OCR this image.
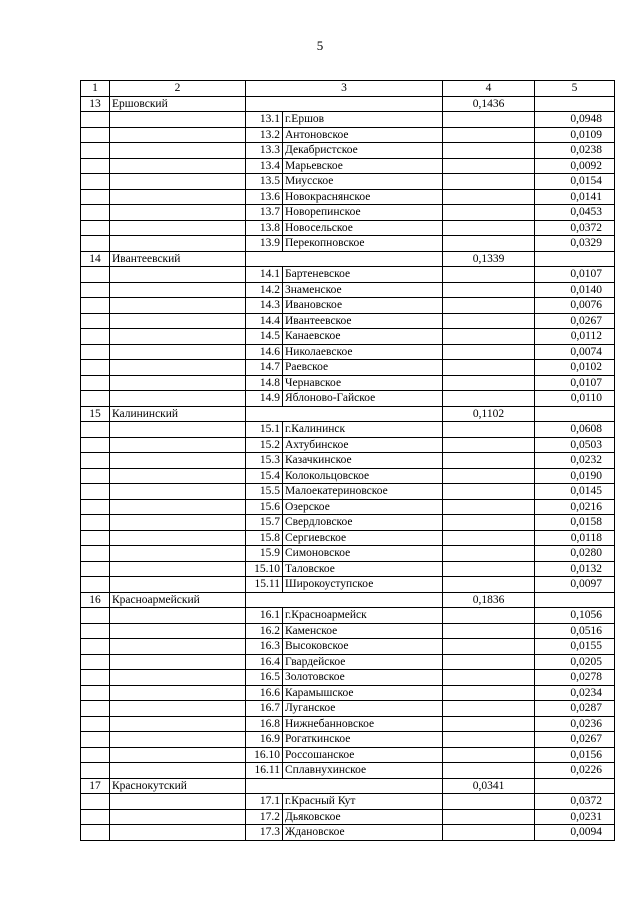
5
1	2	3		4	5
13	Ершовский			0,1436	
		13.1	г.Ершов		0,0948
		13.2	Антоновское		0,0109
		13.3	Декабристское		0,0238
		13.4	Марьевское		0,0092
		13.5	Миусское		0,0154
		13.6	Новокраснянское		0,0141
		13.7	Новорепинское		0,0453
		13.8	Новосельское		0,0372
		13.9	Перекопновское		0,0329
14	Ивантеевский			0,1339	
		14.1	Бартеневское		0,0107
		14.2	Знаменское		0,0140
		14.3	Ивановское		0,0076
		14.4	Ивантеевское		0,0267
		14.5	Канаевское		0,0112
		14.6	Николаевское		0,0074
		14.7	Раевское		0,0102
		14.8	Чернавское		0,0107
		14.9	Яблоново-Гайское		0,0110
15	Калининский			0,1102	
		15.1	г.Калининск		0,0608
		15.2	Ахтубинское		0,0503
		15.3	Казачкинское		0,0232
		15.4	Колокольцовское		0,0190
		15.5	Малоекатериновское		0,0145
		15.6	Озерское		0,0216
		15.7	Свердловское		0,0158
		15.8	Сергиевское		0,0118
		15.9	Симоновское		0,0280
		15.10	Таловское		0,0132
		15.11	Широкоуступское		0,0097
16	Красноармейский			0,1836	
		16.1	г.Красноармейск		0,1056
		16.2	Каменское		0,0516
		16.3	Высоковское		0,0155
		16.4	Гвардейское		0,0205
		16.5	Золотовское		0,0278
		16.6	Карамышское		0,0234
		16.7	Луганское		0,0287
		16.8	Нижнебанновское		0,0236
		16.9	Рогаткинское		0,0267
		16.10	Россошанское		0,0156
		16.11	Сплавнухинское		0,0226
17	Краснокутский			0,0341	
		17.1	г.Красный Кут		0,0372
		17.2	Дьяковское		0,0231
		17.3	Ждановское		0,0094
